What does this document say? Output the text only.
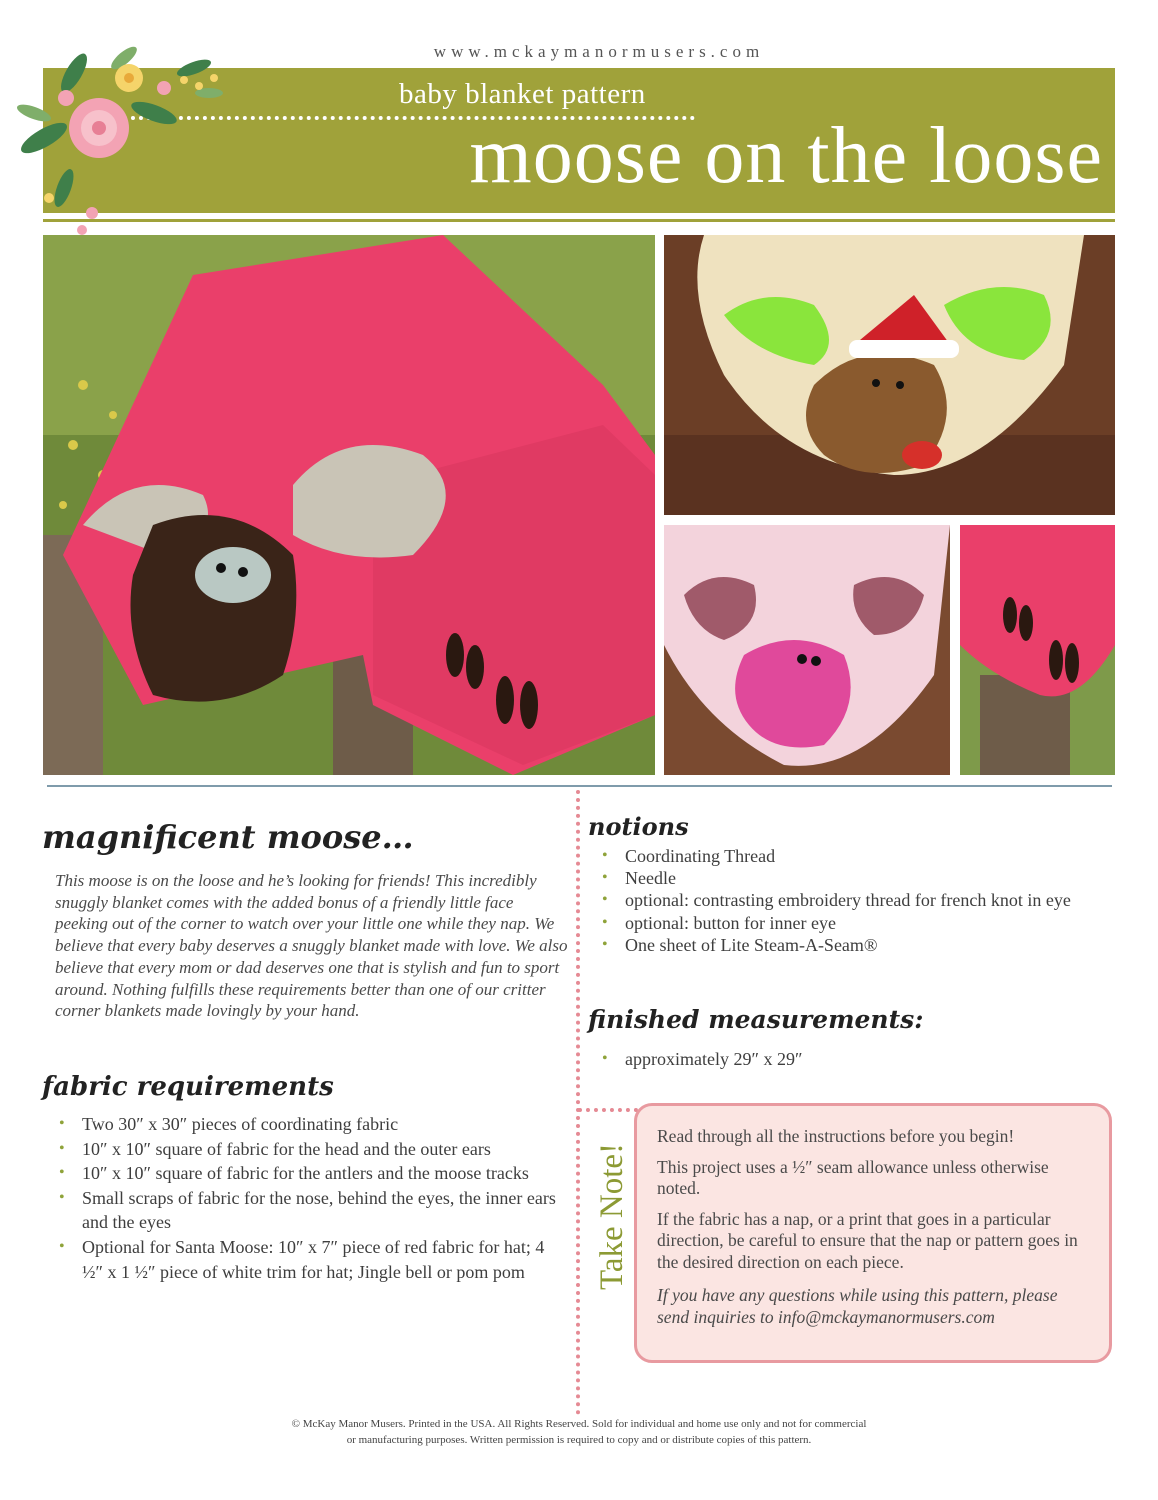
www.mckaymanormusers.com
baby blanket pattern
moose on the loose
magnificent moose…

This moose is on the loose and he’s looking for friends! This incredibly snuggly blanket comes with the added bonus of a friendly little face peeking out of the corner to watch over your little one while they nap. We believe that every baby deserves a snuggly blanket made with love. We also believe that every mom or dad deserves one that is stylish and fun to sport around. Nothing fulfills these requirements better than one of our critter corner blankets made lovingly by your hand.

fabric requirements
• Two 30″ x 30″ pieces of coordinating fabric
• 10″ x 10″ square of fabric for the head and the outer ears
• 10″ x 10″ square of fabric for the antlers and the moose tracks
• Small scraps of fabric for the nose, behind the eyes, the inner ears and the eyes
• Optional for Santa Moose: 10″ x 7″ piece of red fabric for hat; 4 ½″ x 1 ½″ piece of white trim for hat; Jingle bell or pom pom
notions
• Coordinating Thread
• Needle
• optional: contrasting embroidery thread for french knot in eye
• optional: button for inner eye
• One sheet of Lite Steam-A-Seam®
finished measurements:
• approximately 29″ x 29″
Take Note!

Read through all the instructions before you begin!

This project uses a ½″ seam allowance unless otherwise noted.

If the fabric has a nap, or a print that goes in a particular direction, be careful to ensure that the nap or pattern goes in the desired direction on each piece.

If you have any questions while using this pattern, please send inquiries to info@mckaymanormusers.com

© McKay Manor Musers. Printed in the USA. All Rights Reserved. Sold for individual and home use only and not for commercial
or manufacturing purposes. Written permission is required to copy and or distribute copies of this pattern.
